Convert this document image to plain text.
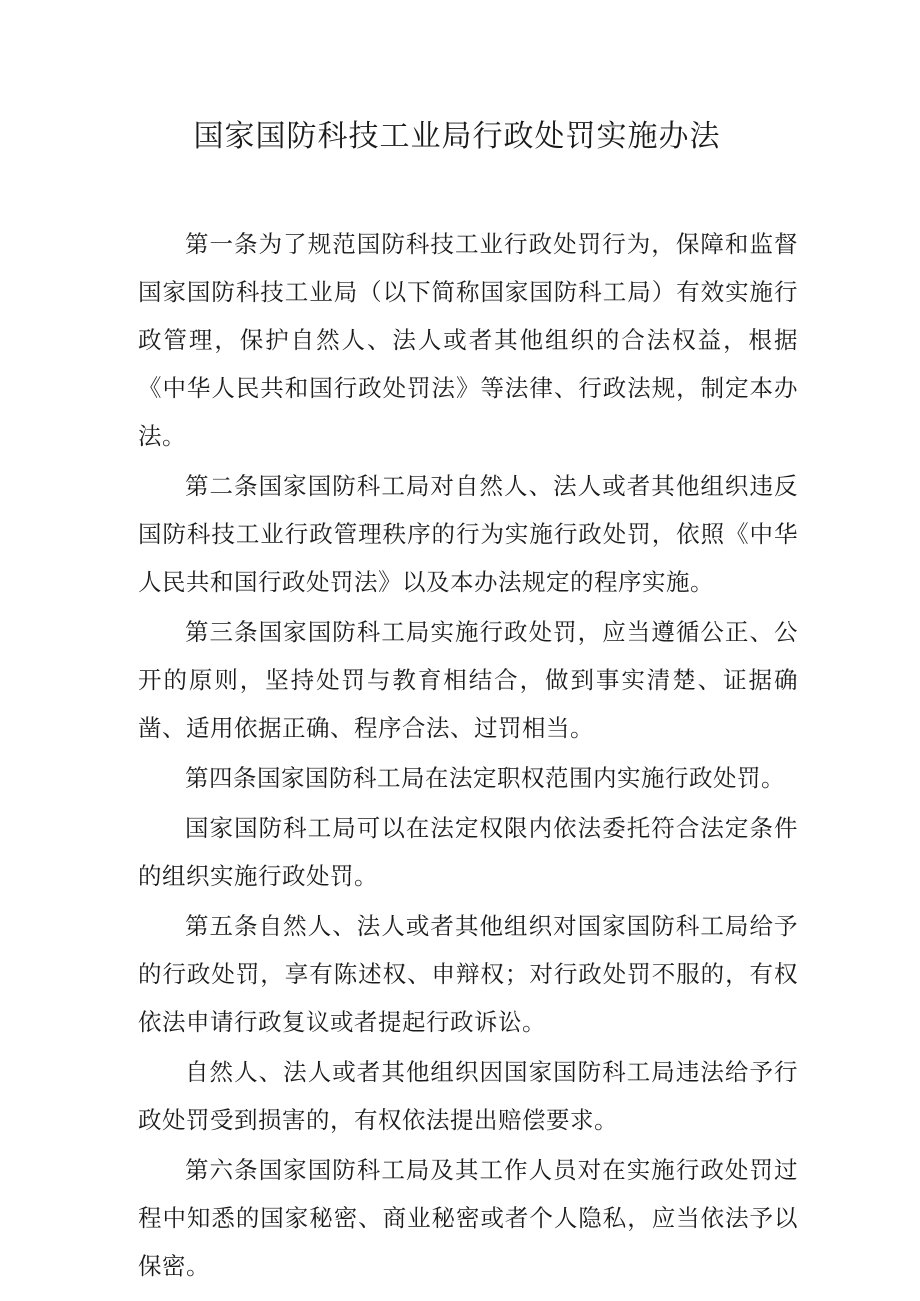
国家国防科技工业局行政处罚实施办法

第一条为了规范国防科技工业行政处罚行为，保障和监督国家国防科技工业局（以下简称国家国防科工局）有效实施行政管理，保护自然人、法人或者其他组织的合法权益，根据《中华人民共和国行政处罚法》等法律、行政法规，制定本办法。

第二条国家国防科工局对自然人、法人或者其他组织违反国防科技工业行政管理秩序的行为实施行政处罚，依照《中华人民共和国行政处罚法》以及本办法规定的程序实施。

第三条国家国防科工局实施行政处罚，应当遵循公正、公开的原则，坚持处罚与教育相结合，做到事实清楚、证据确凿、适用依据正确、程序合法、过罚相当。

第四条国家国防科工局在法定职权范围内实施行政处罚。

国家国防科工局可以在法定权限内依法委托符合法定条件的组织实施行政处罚。

第五条自然人、法人或者其他组织对国家国防科工局给予的行政处罚，享有陈述权、申辩权；对行政处罚不服的，有权依法申请行政复议或者提起行政诉讼。

自然人、法人或者其他组织因国家国防科工局违法给予行政处罚受到损害的，有权依法提出赔偿要求。

第六条国家国防科工局及其工作人员对在实施行政处罚过程中知悉的国家秘密、商业秘密或者个人隐私，应当依法予以保密。
